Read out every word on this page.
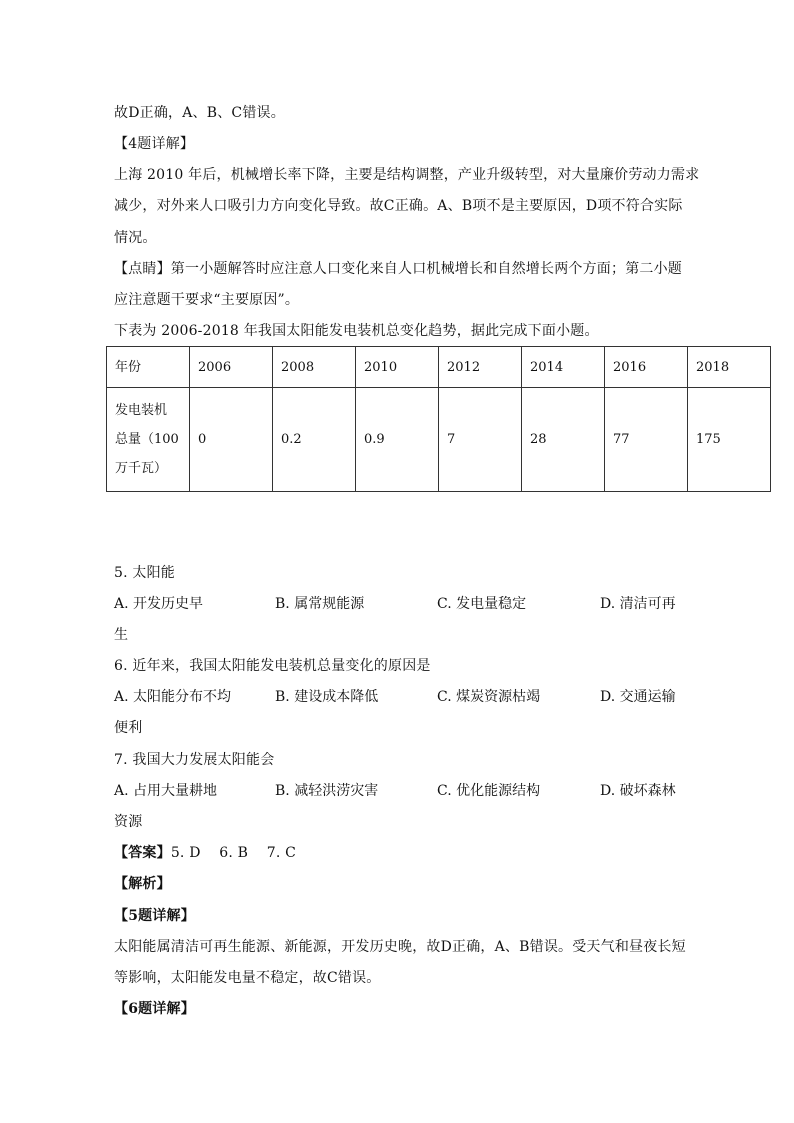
故D正确，A、B、C错误。
【4题详解】
上海 2010 年后，机械增长率下降，主要是结构调整，产业升级转型，对大量廉价劳动力需求
减少，对外来人口吸引力方向变化导致。故C正确。A、B项不是主要原因，D项不符合实际
情况。
【点睛】第一小题解答时应注意人口变化来自人口机械增长和自然增长两个方面；第二小题
应注意题干要求“主要原因”。
下表为 2006-2018 年我国太阳能发电装机总变化趋势，据此完成下面小题。
年份	2006	2008	2010	2012	2014	2016	2018

发电装机
总量（100
万千瓦）	0	0.2	0.9	7	28	77	175
5. 太阳能
A. 开发历史早	B. 属常规能源	C. 发电量稳定	D. 清洁可再
生
6. 近年来，我国太阳能发电装机总量变化的原因是
A. 太阳能分布不均	B. 建设成本降低	C. 煤炭资源枯竭	D. 交通运输
便利
7. 我国大力发展太阳能会
A. 占用大量耕地	B. 减轻洪涝灾害	C. 优化能源结构	D. 破坏森林
资源
【答案】5. D    6. B    7. C
【解析】
【5题详解】
太阳能属清洁可再生能源、新能源，开发历史晚，故D正确，A、B错误。受天气和昼夜长短
等影响，太阳能发电量不稳定，故C错误。
【6题详解】
